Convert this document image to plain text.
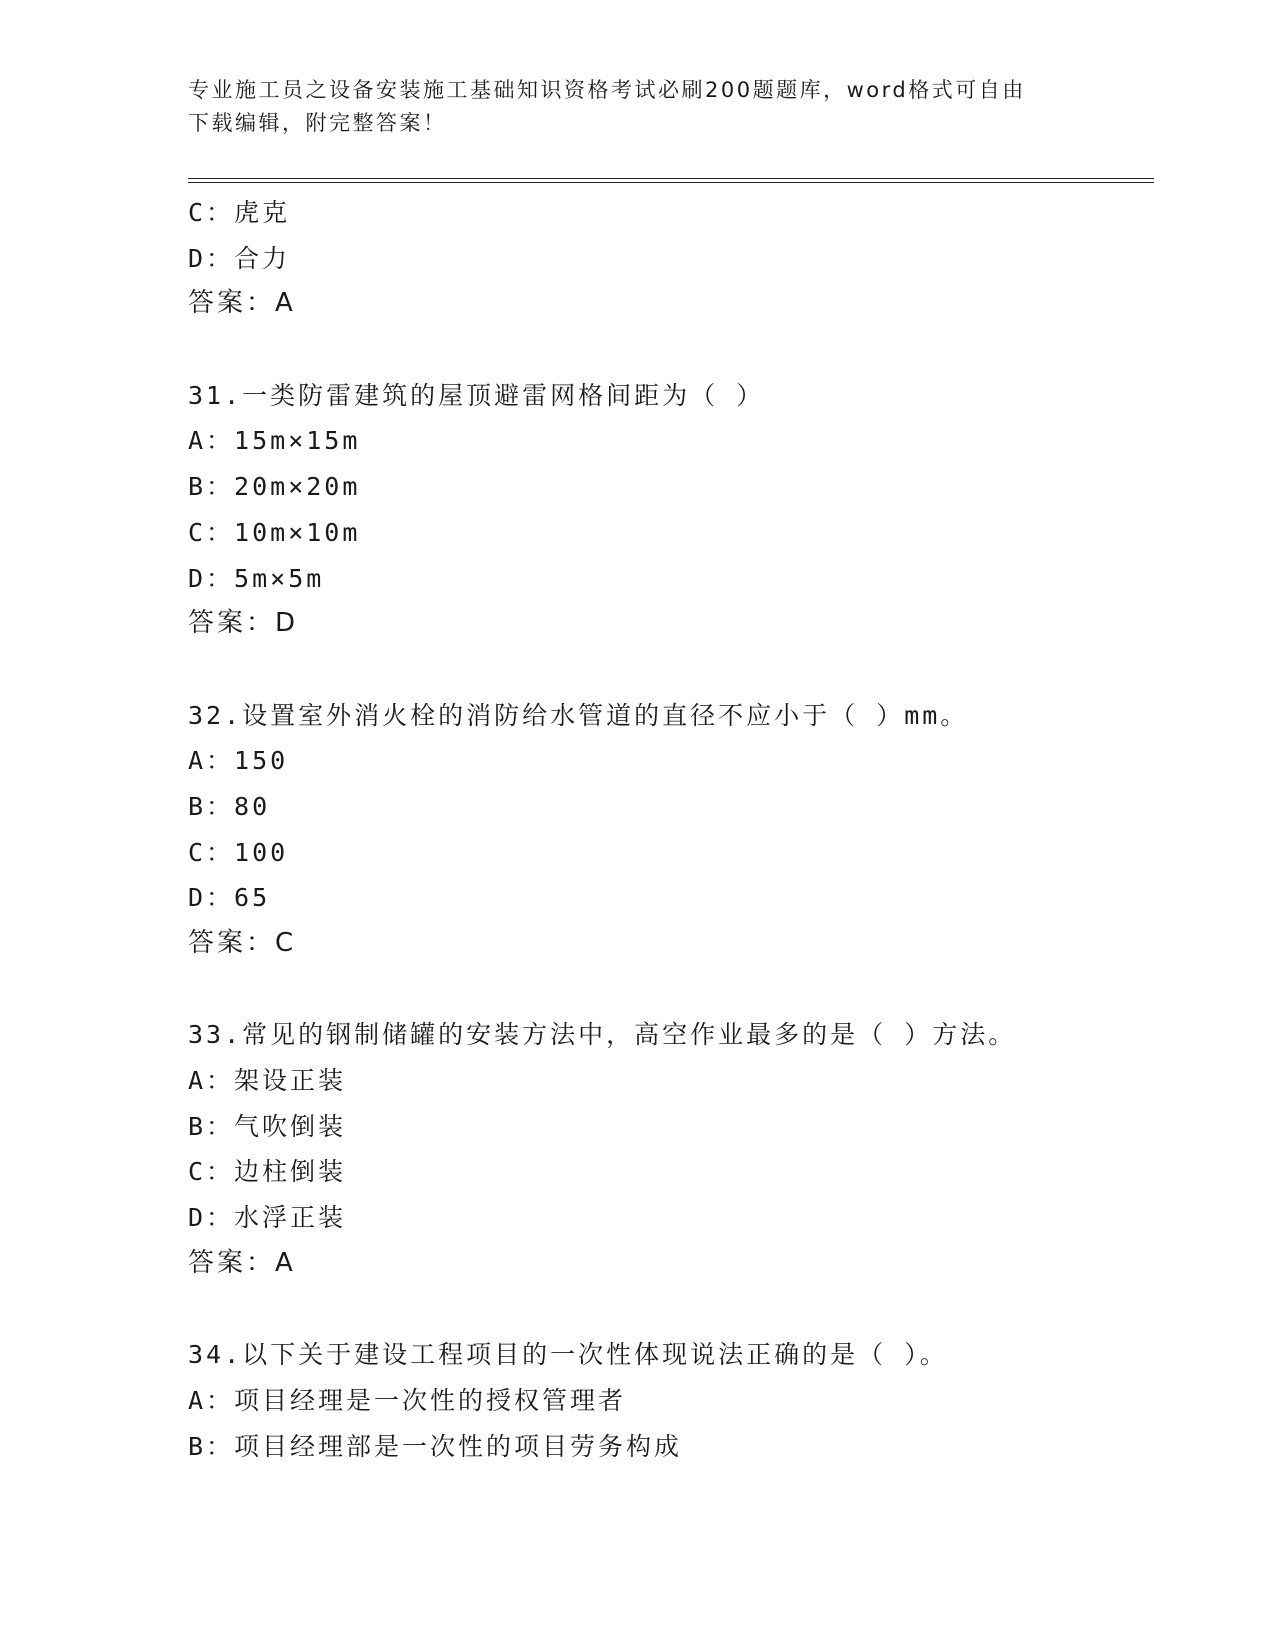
专业施工员之设备安装施工基础知识资格考试必刷200题题库，word格式可自由
下载编辑，附完整答案！
C：虎克
D：合力
答案：A
31.一类防雷建筑的屋顶避雷网格间距为（ ）
A：15m×15m
B：20m×20m
C：10m×10m
D：5m×5m
答案：D
32.设置室外消火栓的消防给水管道的直径不应小于（ ）mm。
A：150
B：80
C：100
D：65
答案：C
33.常见的钢制储罐的安装方法中，高空作业最多的是（ ）方法。
A：架设正装
B：气吹倒装
C：边柱倒装
D：水浮正装
答案：A
34.以下关于建设工程项目的一次性体现说法正确的是（ ）。
A：项目经理是一次性的授权管理者
B：项目经理部是一次性的项目劳务构成
